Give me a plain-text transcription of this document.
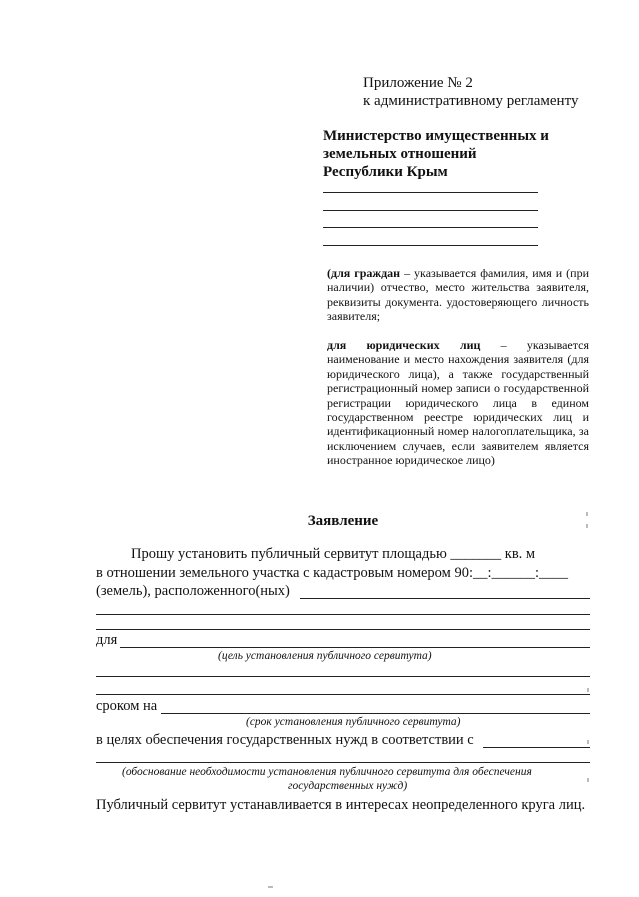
Приложение № 2
к административному регламенту
Министерство имущественных и
земельных отношений
Республики Крым
(для граждан – указывается фамилия, имя и (при наличии) отчество, место жительства заявителя, реквизиты документа. удостоверяющего личность заявителя;
для юридических лиц – указывается наименование и место нахождения заявителя (для юридического лица), а также государственный регистрационный номер записи о государственной регистрации юридического лица в едином государственном реестре юридических лиц и идентификационный номер налогоплательщика, за исключением случаев, если заявителем является иностранное юридическое лицо)
Заявление
Прошу установить публичный сервитут площадью _______ кв. м
в отношении земельного участка с кадастровым номером 90:__:______:____
(земель), расположенного(ных)
для
(цель установления публичного сервитута)
сроком на
(срок установления публичного сервитута)
в целях обеспечения государственных нужд в соответствии с
(обоснование необходимости установления публичного сервитута для обеспечения
государственных нужд)
Публичный сервитут устанавливается в интересах неопределенного круга лиц.
